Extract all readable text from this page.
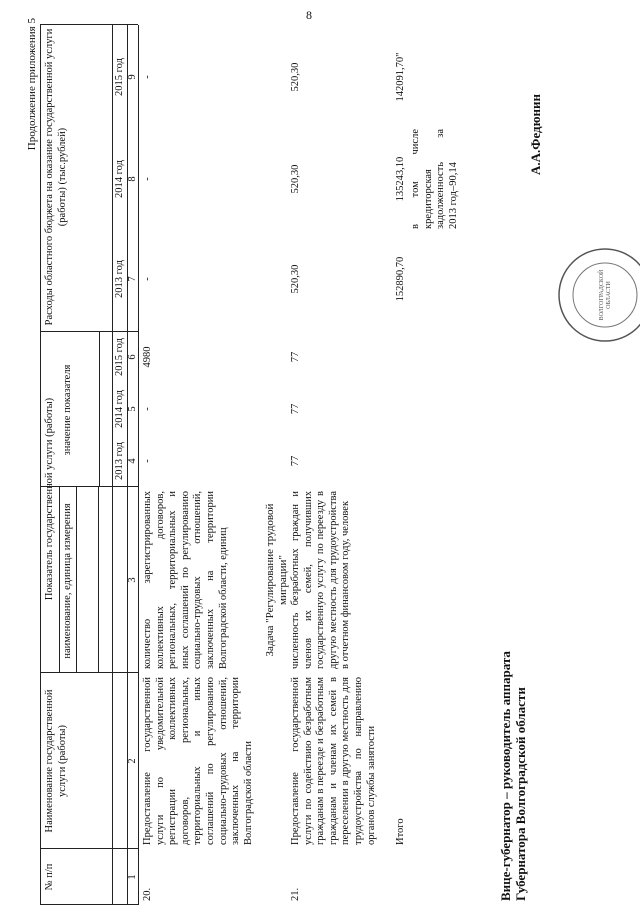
8
Продолжение приложения 5
№ п/п
Наименование государственной услуги (работы)
Показатель государственной услуги (работы) наименование, единица измерения
значение показателя
Расходы областного бюджета на оказание государственной услуги (работы) (тыс.рублей)
2013 год
2014 год
2015 год
2013 год
2014 год
2015 год
1
2
3
4
5
6
7
8
9
20.
Предоставление государственной услуги по уведомительной регистрации коллективных договоров, региональных, территориальных и иных соглашений по регулированию социально-трудовых отношений, заключенных на территории Волгоградской области
количество зарегистрированных коллективных договоров, региональных, территориальных и иных соглашений по регулированию социально-трудовых отношений, заключенных на территории Волгоградской области, единиц
-
-
4980
-
-
-
Задача "Регулирование трудовой миграции"
21.
Предоставление государственной услуги по содействию безработным гражданам в переезде и безработным гражданам и членам их семей в переселении в другую местность для трудоустройства по направлению органов службы занятости
численность безработных граждан и членов их семей, получивших государственную услугу по переезду в другую местность для трудоустройства в отчетном финансовом году, человек
77
77
77
520,30
520,30
520,30
Итого
152890,70
135243,10 в том числе кредиторская задолженность за 2013 год–90,14
142091,70"
Вице-губернатор – руководитель аппарата Губернатора Волгоградской области
А.А.Федюнин
ВОЛГОГРАДСКОЙ ОБЛАСТИ
